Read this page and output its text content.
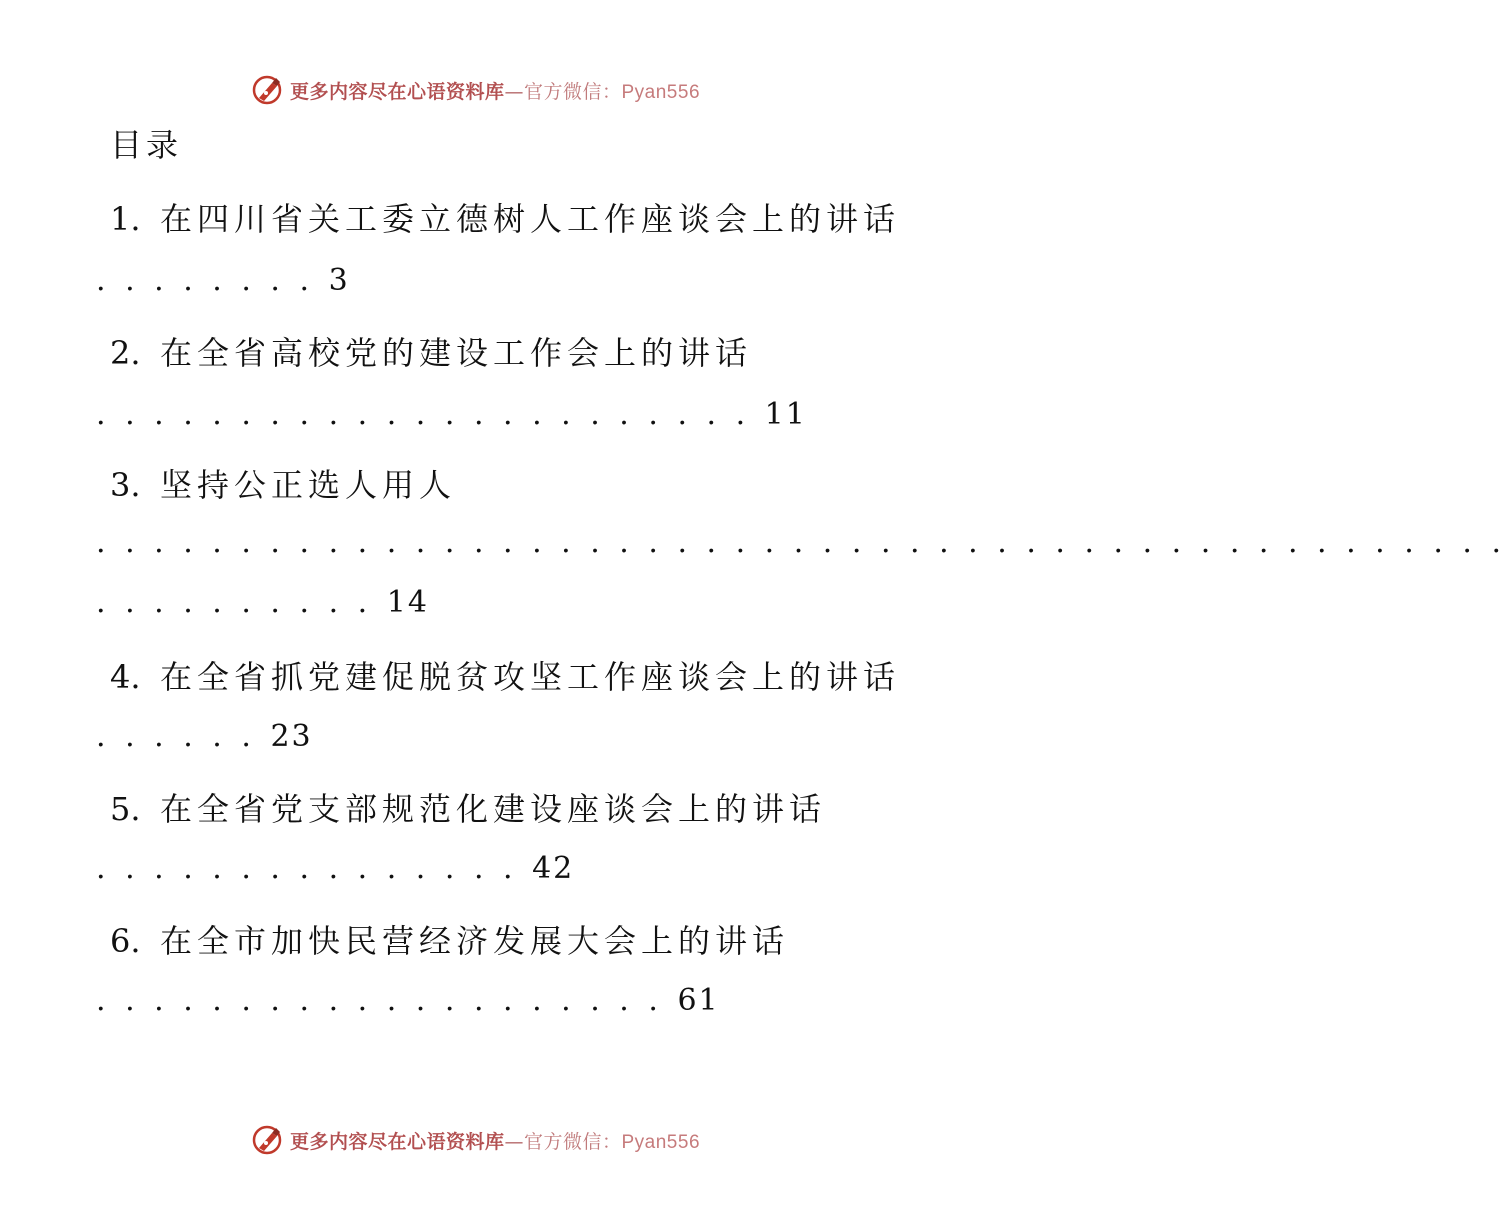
更多内容尽在心语资料库—官方微信：Pyan556
目录
1. 在四川省关工委立德树人工作座谈会上的讲话
. . . . . . . . 3
2. 在全省高校党的建设工作会上的讲话
. . . . . . . . . . . . . . . . . . . . . . . 11
3. 坚持公正选人用人
. . . . . . . . . . . . . . . . . . . . . . . . . . . . . . . . . . . . . . . . . . . . . . . . .
. . . . . . . . . . 14
4. 在全省抓党建促脱贫攻坚工作座谈会上的讲话
. . . . . . 23
5. 在全省党支部规范化建设座谈会上的讲话
. . . . . . . . . . . . . . . 42
6. 在全市加快民营经济发展大会上的讲话
. . . . . . . . . . . . . . . . . . . . 61
更多内容尽在心语资料库—官方微信：Pyan556
